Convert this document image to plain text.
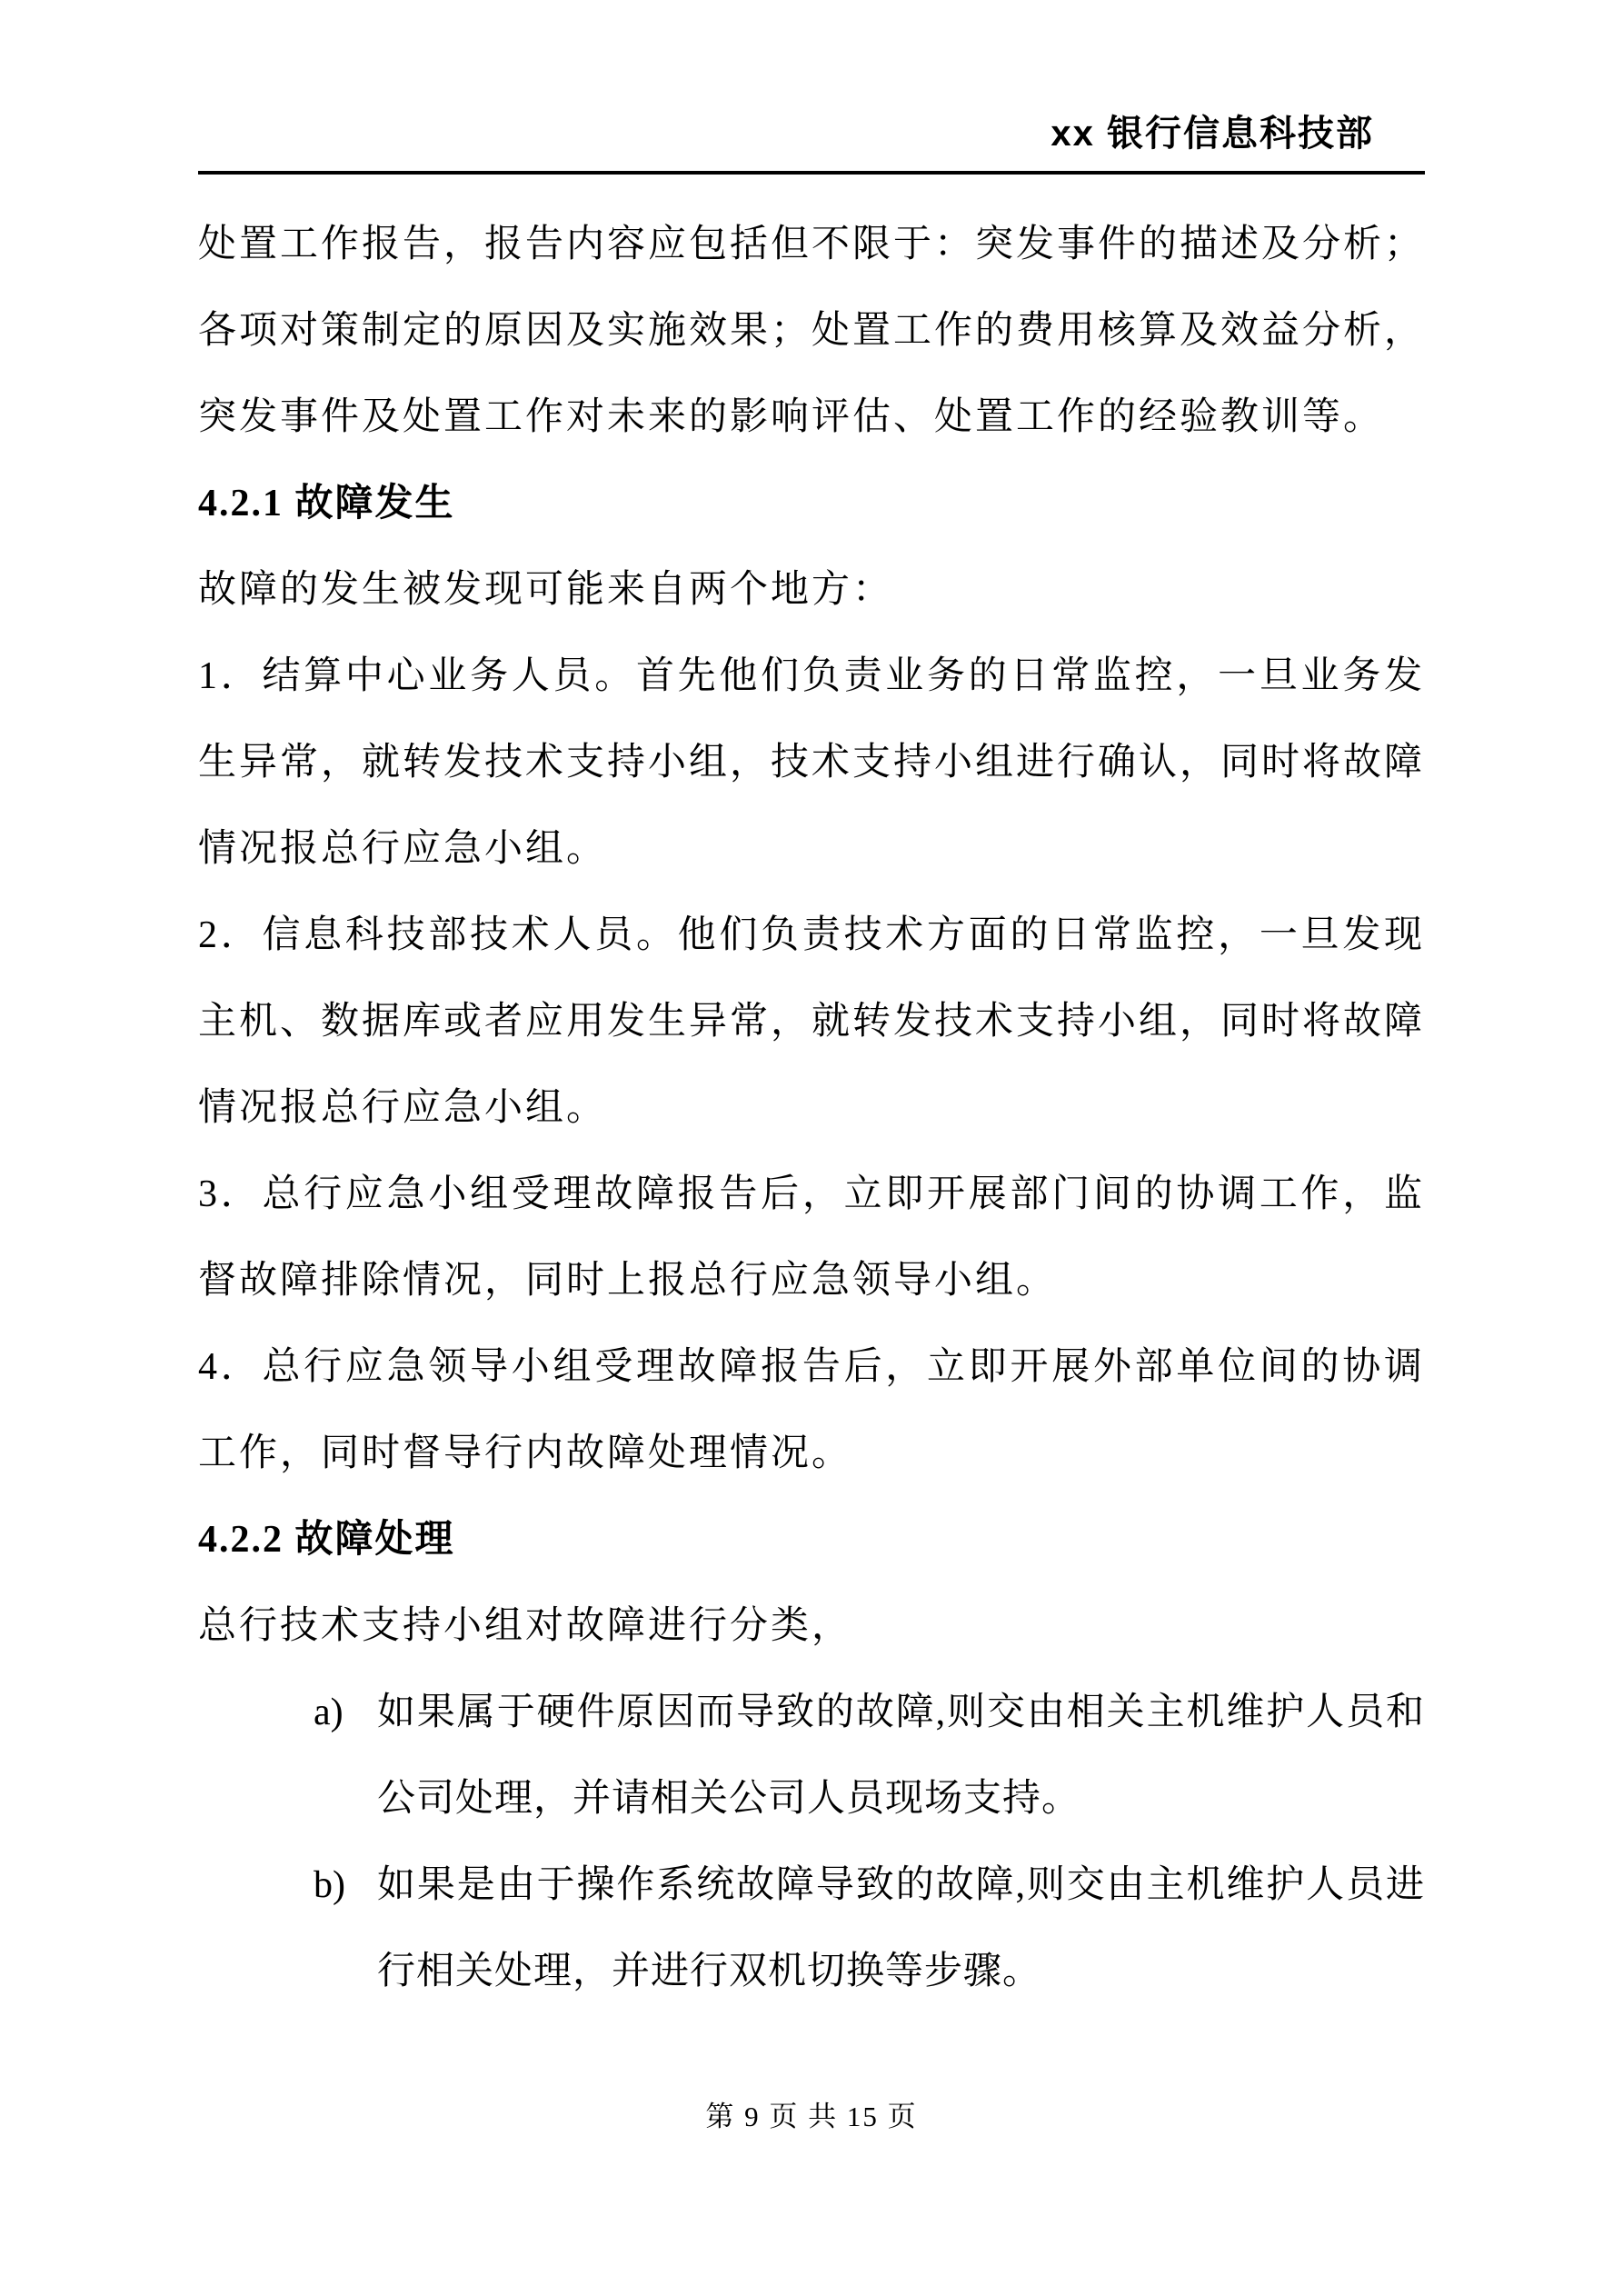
xx 银行信息科技部

处置工作报告，报告内容应包括但不限于：突发事件的描述及分析；各项对策制定的原因及实施效果；处置工作的费用核算及效益分析，突发事件及处置工作对未来的影响评估、处置工作的经验教训等。

4.2.1 故障发生

故障的发生被发现可能来自两个地方：

1．结算中心业务人员。首先他们负责业务的日常监控，一旦业务发生异常，就转发技术支持小组，技术支持小组进行确认，同时将故障情况报总行应急小组。

2．信息科技部技术人员。他们负责技术方面的日常监控，一旦发现主机、数据库或者应用发生异常，就转发技术支持小组，同时将故障情况报总行应急小组。

3．总行应急小组受理故障报告后，立即开展部门间的协调工作，监督故障排除情况，同时上报总行应急领导小组。

4．总行应急领导小组受理故障报告后，立即开展外部单位间的协调工作，同时督导行内故障处理情况。

4.2.2 故障处理

总行技术支持小组对故障进行分类，

a) 如果属于硬件原因而导致的故障,则交由相关主机维护人员和公司处理，并请相关公司人员现场支持。
b) 如果是由于操作系统故障导致的故障,则交由主机维护人员进行相关处理，并进行双机切换等步骤。
第 9 页 共 15 页
